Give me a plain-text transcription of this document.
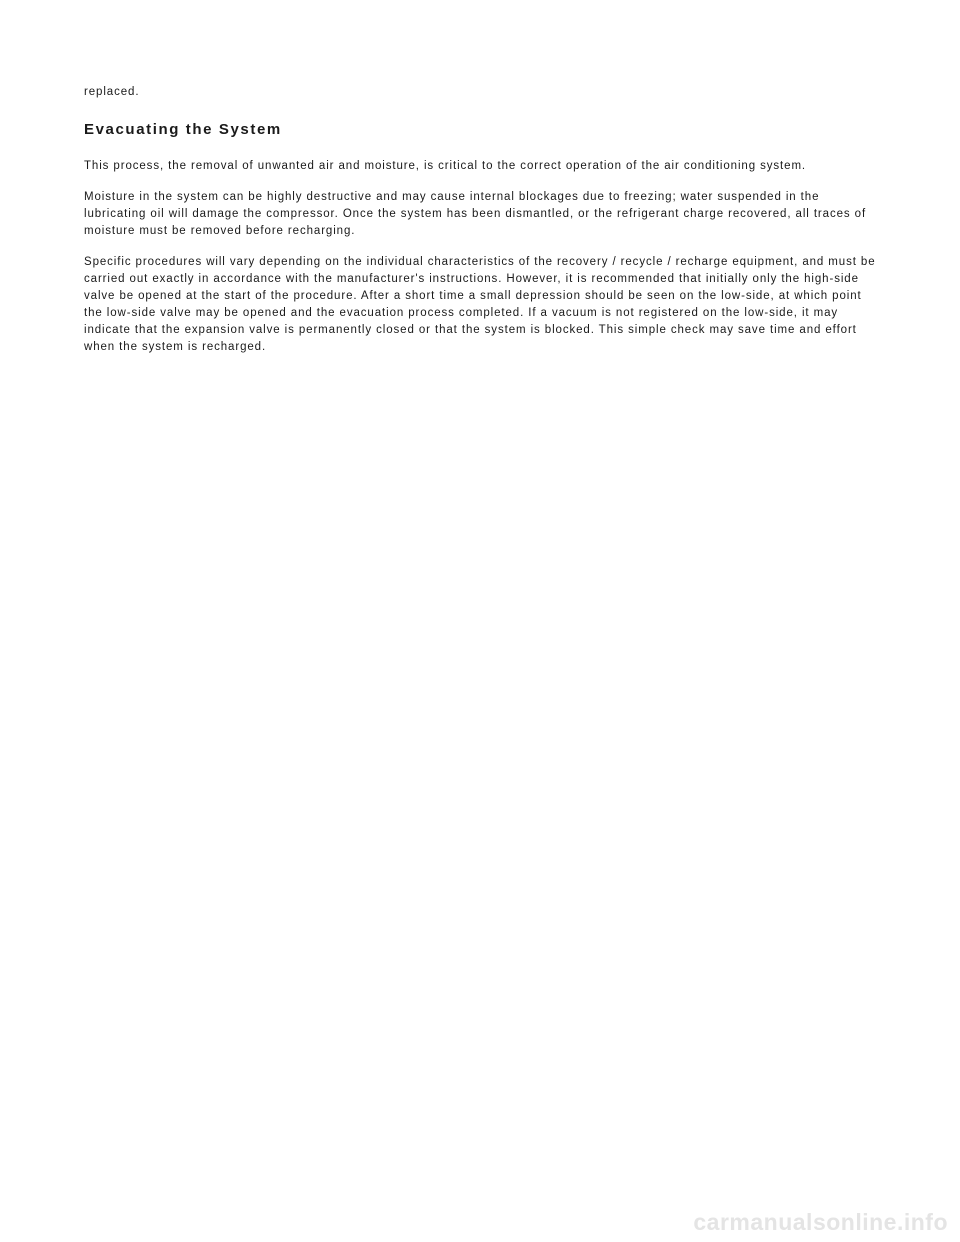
replaced.

Evacuating the System

This process, the removal of unwanted air and moisture, is critical to the correct operation of the air conditioning system.

Moisture in the system can be highly destructive and may cause internal blockages due to freezing; water suspended in the lubricating oil will damage the compressor. Once the system has been dismantled, or the refrigerant charge recovered, all traces of moisture must be removed before recharging.

Specific procedures will vary depending on the individual characteristics of the recovery / recycle / recharge equipment, and must be carried out exactly in accordance with the manufacturer's instructions. However, it is recommended that initially only the high-side valve be opened at the start of the procedure. After a short time a small depression should be seen on the low-side, at which point the low-side valve may be opened and the evacuation process completed. If a vacuum is not registered on the low-side, it may indicate that the expansion valve is permanently closed or that the system is blocked. This simple check may save time and effort when the system is recharged.

carmanualsonline.info
